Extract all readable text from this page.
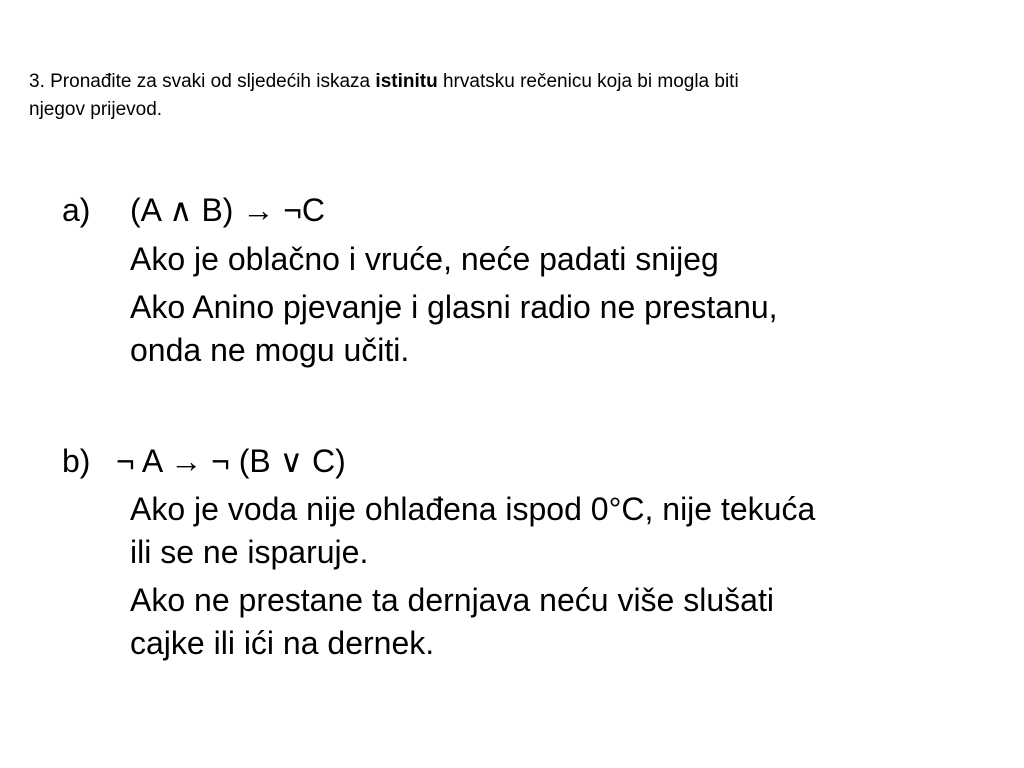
3. Pronađite za svaki od sljedećih iskaza istinitu hrvatsku rečenicu koja bi mogla biti
njegov prijevod.
a) (A ∧ B) → ¬C
Ako je oblačno i vruće, neće padati snijeg
Ako Anino pjevanje i glasni radio ne prestanu,
onda ne mogu učiti.
b) ¬ A → ¬ (B ∨ C)
Ako je voda nije ohlađena ispod 0°C, nije tekuća
ili se ne isparuje.
Ako ne prestane ta dernjava neću više slušati
cajke ili ići na dernek.
